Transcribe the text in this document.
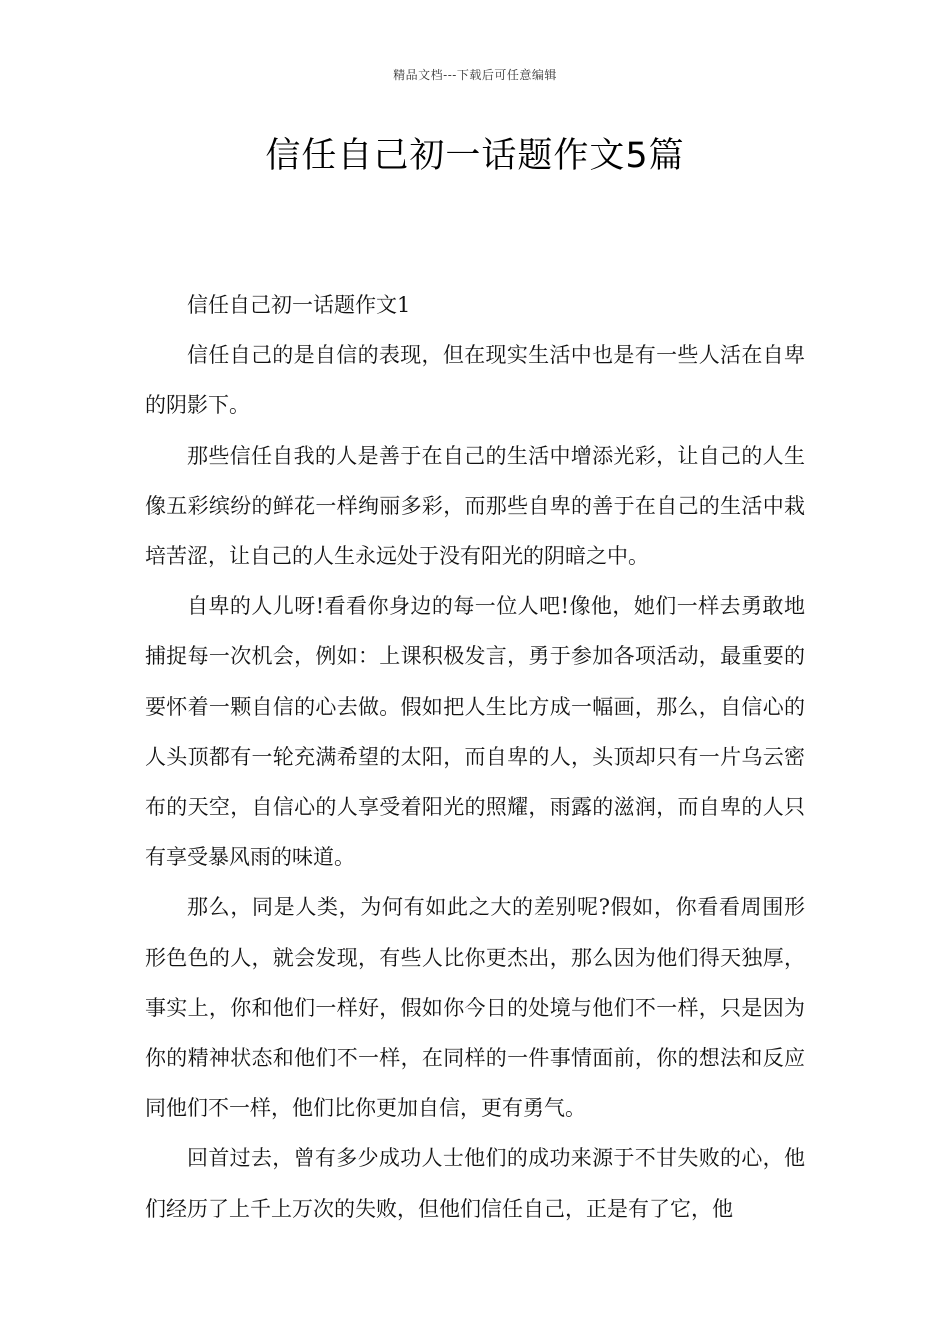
精品文档---下载后可任意编辑
信任自己初一话题作文5篇

信任自己初一话题作文1

信任自己的是自信的表现，但在现实生活中也是有一些人活在自卑的阴影下。

那些信任自我的人是善于在自己的生活中增添光彩，让自己的人生像五彩缤纷的鲜花一样绚丽多彩，而那些自卑的善于在自己的生活中栽培苦涩，让自己的人生永远处于没有阳光的阴暗之中。

自卑的人儿呀!看看你身边的每一位人吧!像他，她们一样去勇敢地捕捉每一次机会，例如：上课积极发言，勇于参加各项活动，最重要的要怀着一颗自信的心去做。假如把人生比方成一幅画，那么，自信心的人头顶都有一轮充满希望的太阳，而自卑的人，头顶却只有一片乌云密布的天空，自信心的人享受着阳光的照耀，雨露的滋润，而自卑的人只有享受暴风雨的味道。

那么，同是人类，为何有如此之大的差别呢?假如，你看看周围形形色色的人，就会发现，有些人比你更杰出，那么因为他们得天独厚，事实上，你和他们一样好，假如你今日的处境与他们不一样，只是因为你的精神状态和他们不一样，在同样的一件事情面前，你的想法和反应同他们不一样，他们比你更加自信，更有勇气。

回首过去，曾有多少成功人士他们的成功来源于不甘失败的心，他们经历了上千上万次的失败，但他们信任自己，正是有了它，他
